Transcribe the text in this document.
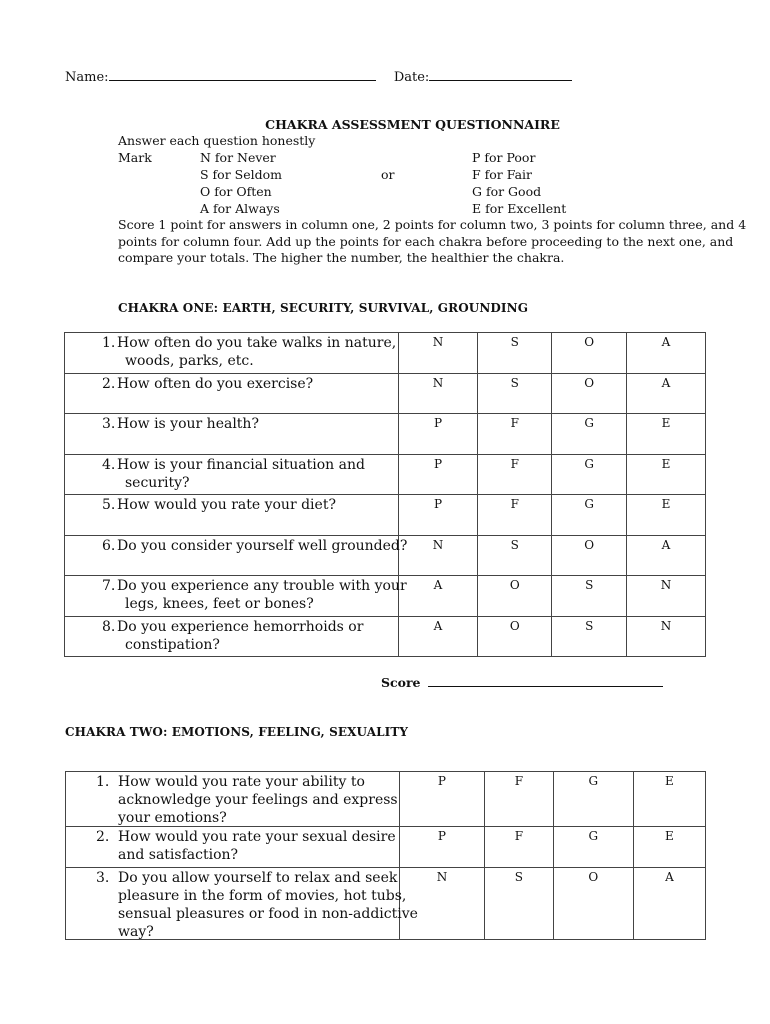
Name:	Date:
CHAKRA ASSESSMENT QUESTIONNAIRE
Answer each question honestly
Mark	N for Never
S for Seldom
O for Often
A for Always
or
P for Poor
F for Fair
G for Good
E for Excellent
Score 1 point for answers in column one, 2 points for column two, 3 points for column three, and 4
points for column four. Add up the points for each chakra before proceeding to the next one, and
compare your totals. The higher the number, the healthier the chakra.
CHAKRA ONE: EARTH, SECURITY, SURVIVAL, GROUNDING
1. How often do you take walks in nature,
woods, parks, etc.	N	S	O	A

2. How often do you exercise?	N	S	O	A

3. How is your health?	P	F	G	E

4. How is your financial situation and
security?	P	F	G	E

5. How would you rate your diet?	P	F	G	E

6. Do you consider yourself well grounded?	N	S	O	A

7. Do you experience any trouble with your
legs, knees, feet or bones?	A	O	S	N

8. Do you experience hemorrhoids or
constipation?	A	O	S	N
Score
CHAKRA TWO: EMOTIONS, FEELING, SEXUALITY
1. How would you rate your ability to
acknowledge your feelings and express
your emotions?	P	F	G	E

2. How would you rate your sexual desire
and satisfaction?	P	F	G	E

3. Do you allow yourself to relax and seek
pleasure in the form of movies, hot tubs,
sensual pleasures or food in non-addictive
way?	N	S	O	A
